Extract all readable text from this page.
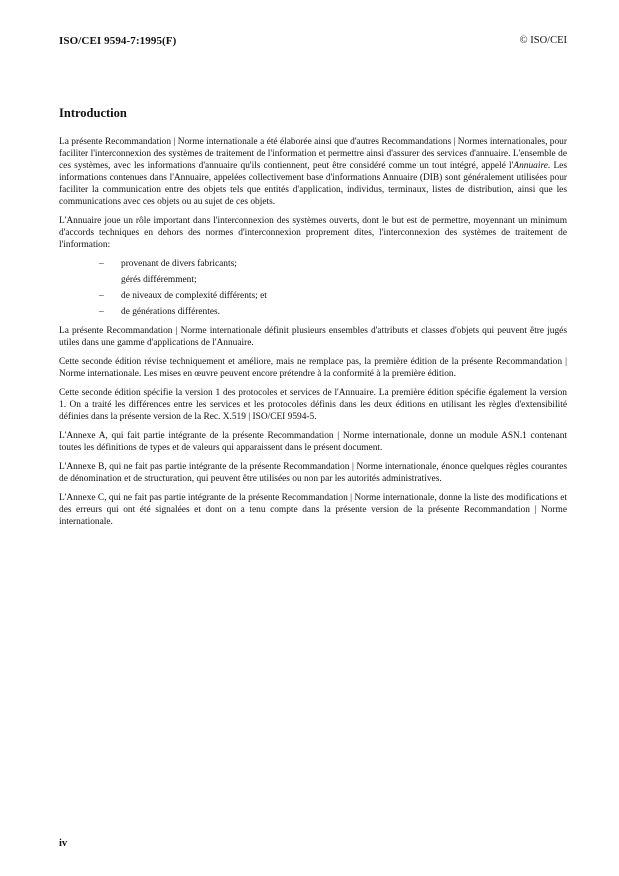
ISO/CEI 9594-7:1995(F)	© ISO/CEI
Introduction

La présente Recommandation | Norme internationale a été élaborée ainsi que d'autres Recommandations | Normes internationales, pour faciliter l'interconnexion des systèmes de traitement de l'information et permettre ainsi d'assurer des services d'annuaire. L'ensemble de ces systèmes, avec les informations d'annuaire qu'ils contiennent, peut être considéré comme un tout intégré, appelé l'Annuaire. Les informations contenues dans l'Annuaire, appelées collectivement base d'informations Annuaire (DIB) sont généralement utilisées pour faciliter la communication entre des objets tels que entités d'application, individus, terminaux, listes de distribution, ainsi que les communications avec ces objets ou au sujet de ces objets.

L'Annuaire joue un rôle important dans l'interconnexion des systèmes ouverts, dont le but est de permettre, moyennant un minimum d'accords techniques en dehors des normes d'interconnexion proprement dites, l'interconnexion des systèmes de traitement de l'information:

– provenant de divers fabricants;
gérés différemment;
– de niveaux de complexité différents; et
– de générations différentes.

La présente Recommandation | Norme internationale définit plusieurs ensembles d'attributs et classes d'objets qui peuvent être jugés utiles dans une gamme d'applications de l'Annuaire.

Cette seconde édition révise techniquement et améliore, mais ne remplace pas, la première édition de la présente Recommandation | Norme internationale. Les mises en œuvre peuvent encore prétendre à la conformité à la première édition.

Cette seconde édition spécifie la version 1 des protocoles et services de l'Annuaire. La première édition spécifie également la version 1. On a traité les différences entre les services et les protocoles définis dans les deux éditions en utilisant les règles d'extensibilité définies dans la présente version de la Rec. X.519 | ISO/CEI 9594-5.

L'Annexe A, qui fait partie intégrante de la présente Recommandation | Norme internationale, donne un module ASN.1 contenant toutes les définitions de types et de valeurs qui apparaissent dans le présent document.

L'Annexe B, qui ne fait pas partie intégrante de la présente Recommandation | Norme internationale, énonce quelques règles courantes de dénomination et de structuration, qui peuvent être utilisées ou non par les autorités administratives.

L'Annexe C, qui ne fait pas partie intégrante de la présente Recommandation | Norme internationale, donne la liste des modifications et des erreurs qui ont été signalées et dont on a tenu compte dans la présente version de la présente Recommandation | Norme internationale.

iv
